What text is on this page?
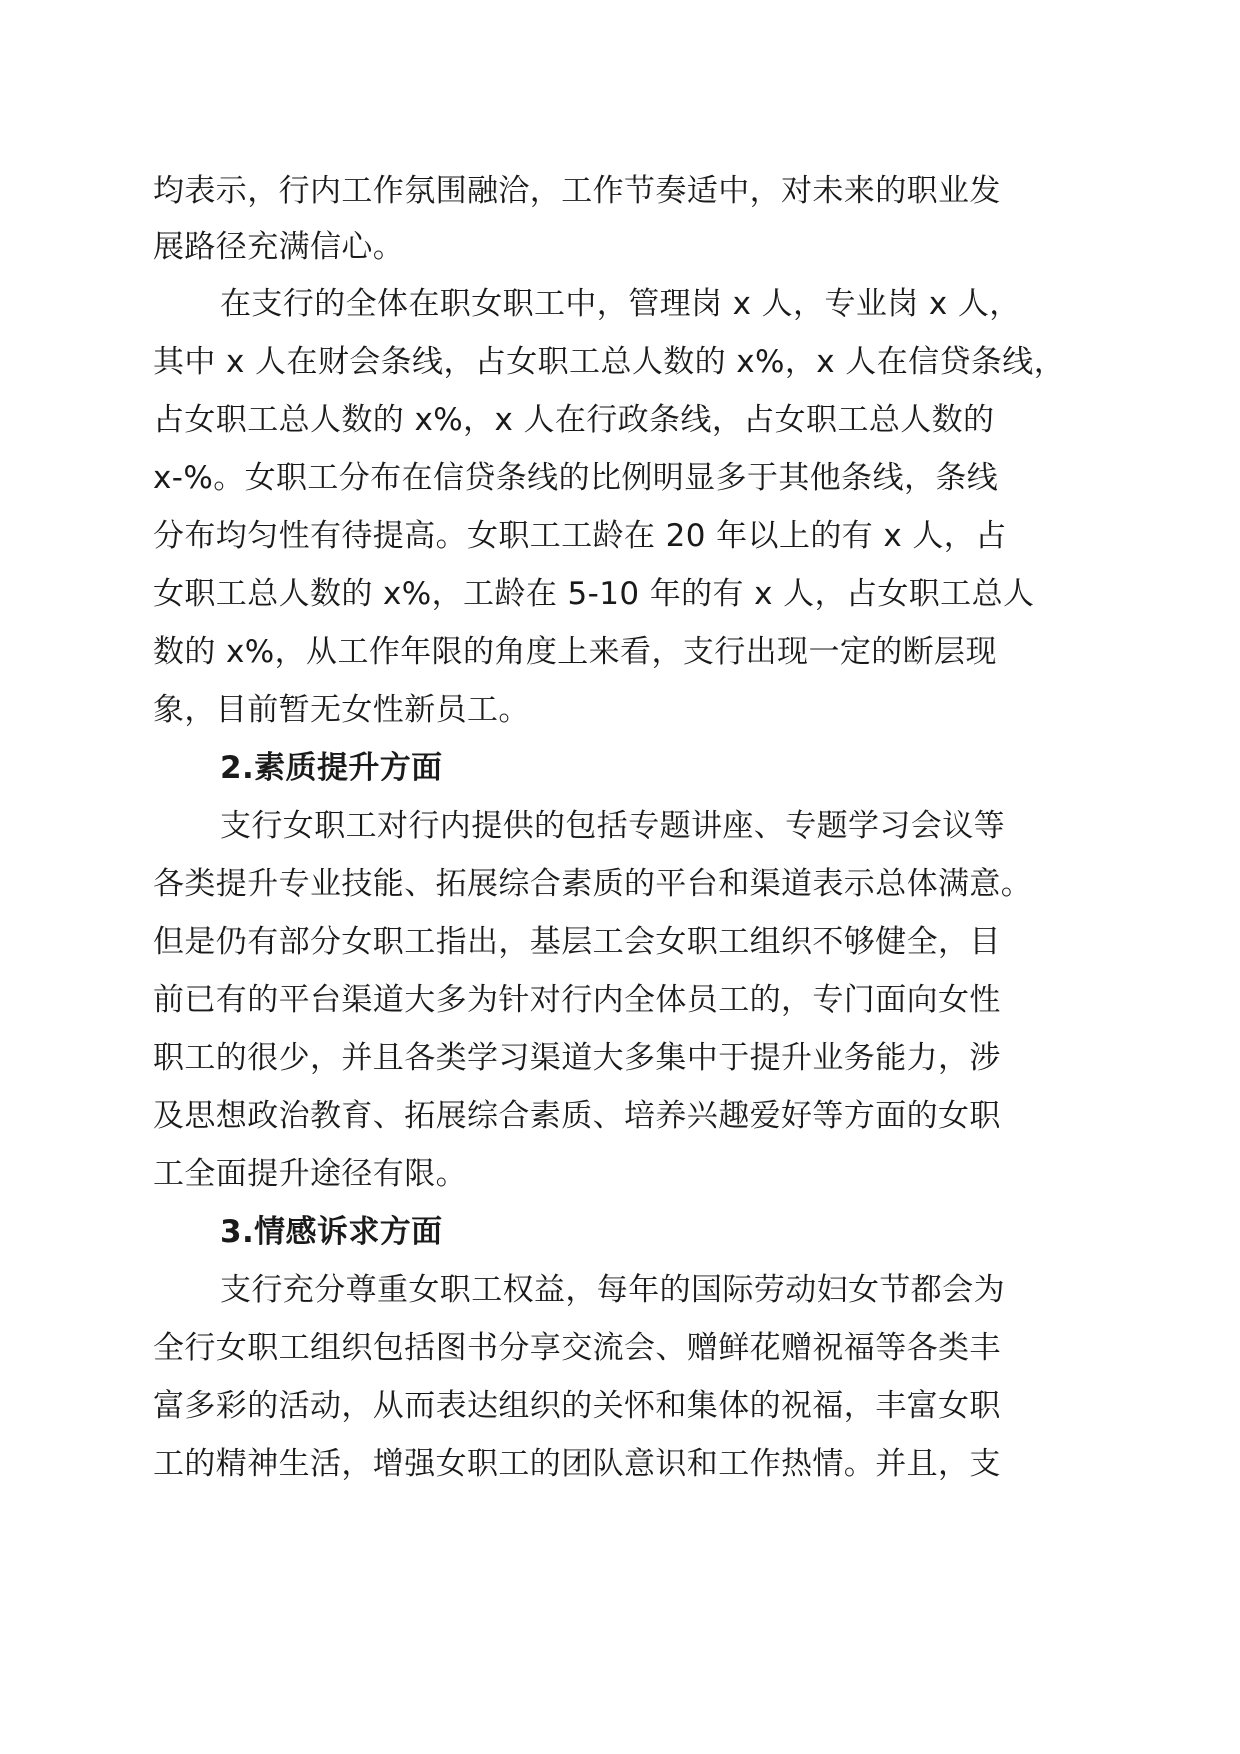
均表示，行内工作氛围融洽，工作节奏适中，对未来的职业发
展路径充满信心。
在支行的全体在职女职工中，管理岗 x 人，专业岗 x 人，
其中 x 人在财会条线，占女职工总人数的 x%，x 人在信贷条线，
占女职工总人数的 x%，x 人在行政条线，占女职工总人数的
x-%。女职工分布在信贷条线的比例明显多于其他条线，条线
分布均匀性有待提高。女职工工龄在 20 年以上的有 x 人，占
女职工总人数的 x%，工龄在 5-10 年的有 x 人，占女职工总人
数的 x%，从工作年限的角度上来看，支行出现一定的断层现
象，目前暂无女性新员工。
2.素质提升方面
支行女职工对行内提供的包括专题讲座、专题学习会议等
各类提升专业技能、拓展综合素质的平台和渠道表示总体满意。
但是仍有部分女职工指出，基层工会女职工组织不够健全，目
前已有的平台渠道大多为针对行内全体员工的，专门面向女性
职工的很少，并且各类学习渠道大多集中于提升业务能力，涉
及思想政治教育、拓展综合素质、培养兴趣爱好等方面的女职
工全面提升途径有限。
3.情感诉求方面
支行充分尊重女职工权益，每年的国际劳动妇女节都会为
全行女职工组织包括图书分享交流会、赠鲜花赠祝福等各类丰
富多彩的活动，从而表达组织的关怀和集体的祝福，丰富女职
工的精神生活，增强女职工的团队意识和工作热情。并且，支
